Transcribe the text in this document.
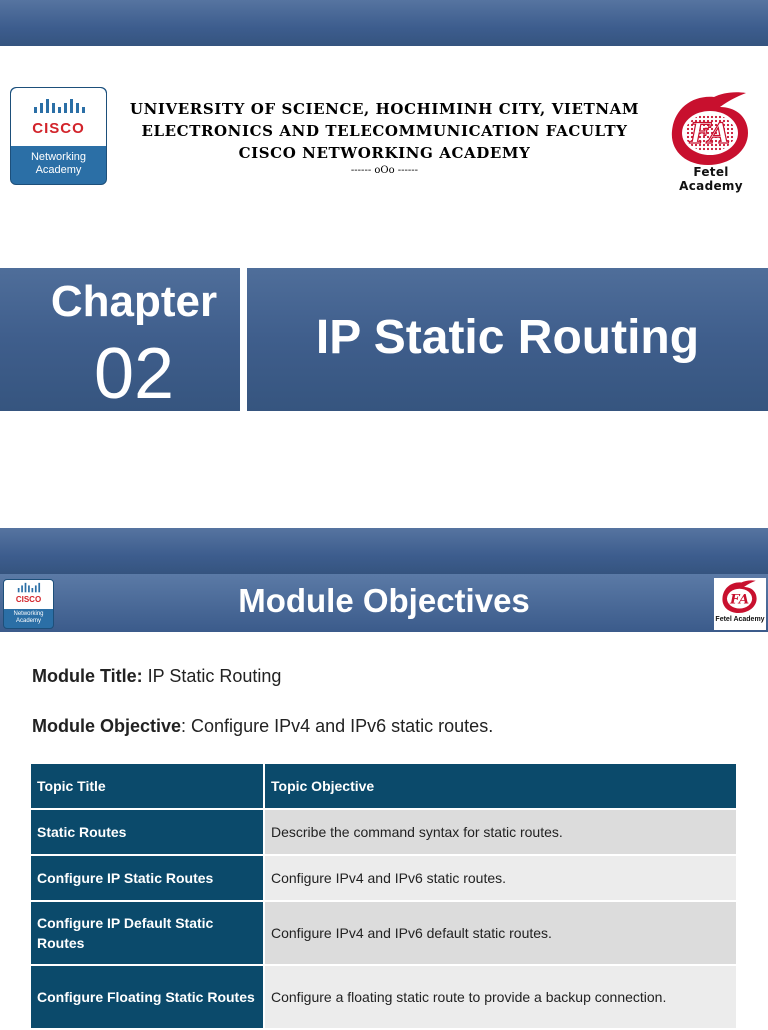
CISCO
Networking
Academy
UNIVERSITY OF SCIENCE, HOCHIMINH CITY, VIETNAM
ELECTRONICS AND TELECOMMUNICATION FACULTY
CISCO NETWORKING ACADEMY
------ oOo ------
FA
Fetel Academy
Chapter
02	IP Static Routing
CISCO
Networking
Academy
FA
Fetel Academy
Module Objectives
Module Title: IP Static Routing
Module Objective: Configure IPv4 and IPv6 static routes.
Topic Title	Topic Objective
Static Routes	Describe the command syntax for static routes.
Configure IP Static Routes	Configure IPv4 and IPv6 static routes.
Configure IP Default Static Routes	Configure IPv4 and IPv6 default static routes.
Configure Floating Static Routes	Configure a floating static route to provide a backup connection.
